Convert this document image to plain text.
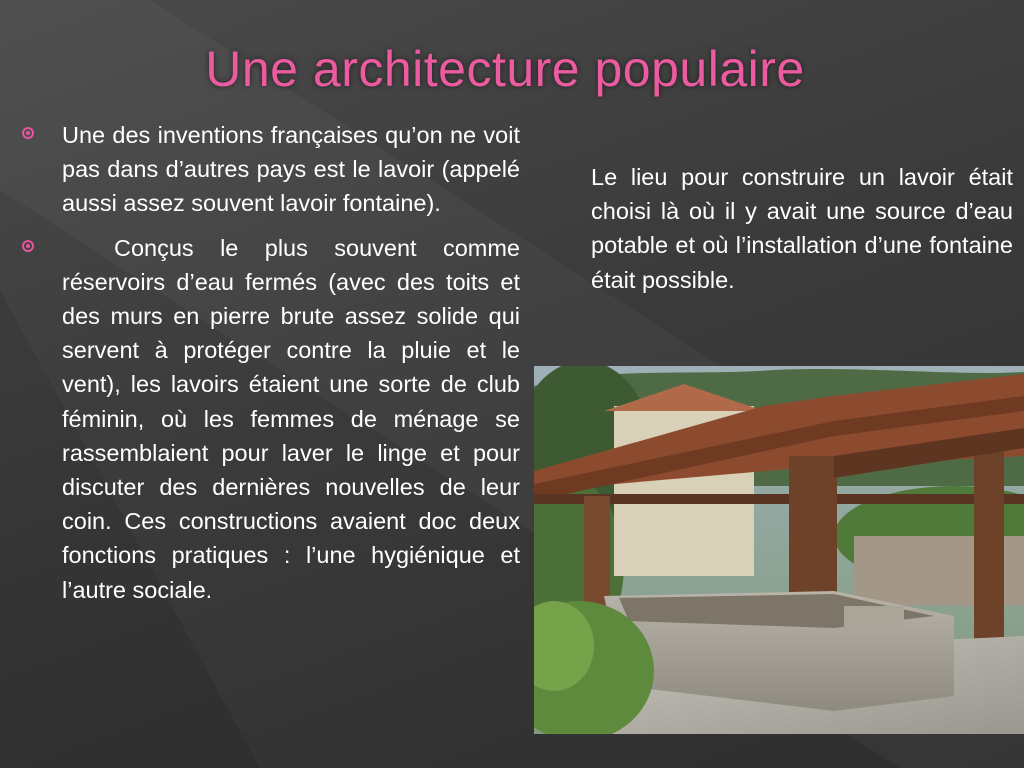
Une architecture populaire
Une des inventions françaises qu’on ne voit pas dans d’autres pays est le lavoir (appelé aussi assez souvent lavoir fontaine).
Conçus le plus souvent comme réservoirs d’eau fermés (avec des toits et des murs en pierre brute assez solide qui servent à protéger contre la pluie et le vent), les lavoirs étaient une sorte de club féminin, où les femmes de ménage se rassemblaient pour laver le linge et pour discuter des dernières nouvelles de leur coin. Ces constructions avaient doc deux fonctions pratiques : l’une hygiénique et l’autre sociale.

Le lieu pour construire un lavoir était choisi là où il y avait une source d’eau potable et où l’installation d’une fontaine était possible.
